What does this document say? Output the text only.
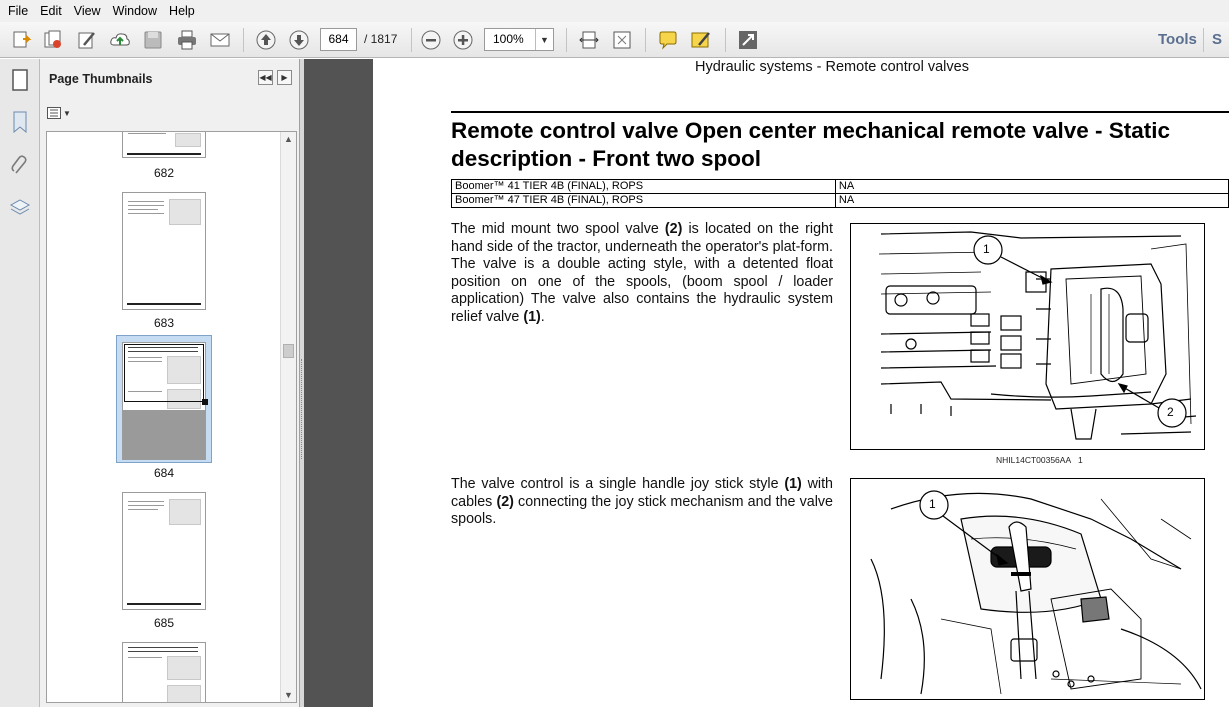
File Edit View Window Help
684	/ 1817	100%	▼	Tools S
Page Thumbnails	◀◀	▶
▼
682
683
684
685
▲
▼
Hydraulic systems - Remote control valves
Remote control valve Open center mechanical remote valve - Static
description - Front two spool
Boomer™ 41 TIER 4B (FINAL), ROPS	NA
Boomer™ 47 TIER 4B (FINAL), ROPS	NA

The mid mount two spool valve (2) is located on the right hand side of the tractor, underneath the operator's plat-form. The valve is a double acting style, with a detented float position on one of the spools, (boom spool / loader application) The valve also contains the hydraulic system relief valve (1).

The valve control is a single handle joy stick style (1) with cables (2) connecting the joy stick mechanism and the valve spools.

1
2
NHIL14CT00356AA 1
1
